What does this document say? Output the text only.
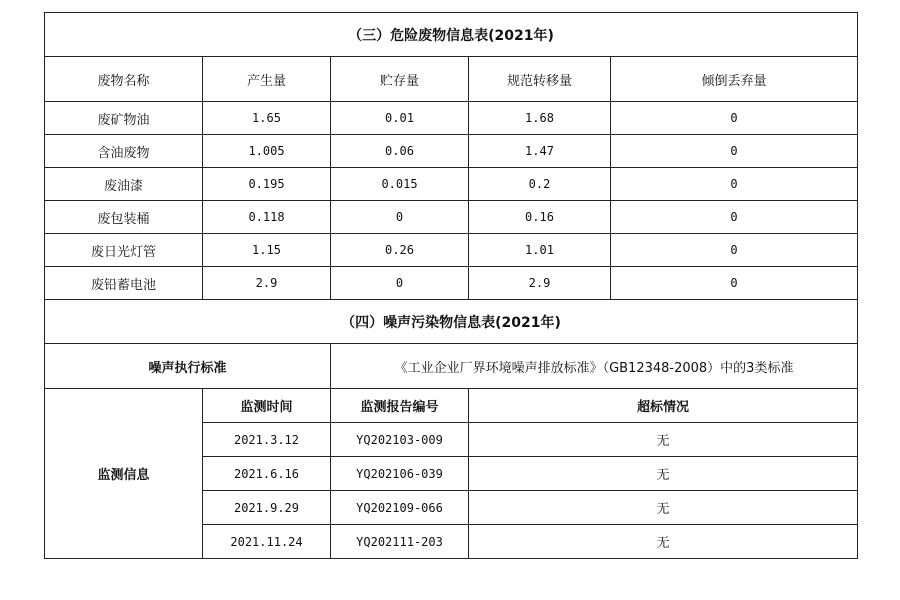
（三）危险废物信息表(2021年)				
废物名称	产生量	贮存量	规范转移量	倾倒丢弃量
废矿物油	1.65	0.01	1.68	0
含油废物	1.005	0.06	1.47	0
废油漆	0.195	0.015	0.2	0
废包装桶	0.118	0	0.16	0
废日光灯管	1.15	0.26	1.01	0
废铅蓄电池	2.9	0	2.9	0
（四）噪声污染物信息表(2021年)				
噪声执行标准		《工业企业厂界环境噪声排放标准》（GB12348-2008）中的3类标准		
监测信息	监测时间	监测报告编号	超标情况	
	2021.3.12	YQ202103-009	无	
	2021.6.16	YQ202106-039	无	
	2021.9.29	YQ202109-066	无	
	2021.11.24	YQ202111-203	无	
